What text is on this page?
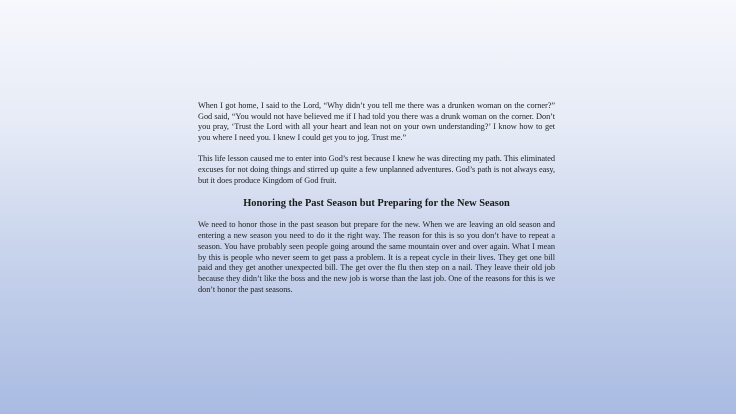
When I got home, I said to the Lord, “Why didn’t you tell me there was a drunken woman on the corner?” God said, “You would not have believed me if I had told you there was a drunk woman on the corner. Don’t you pray, ‘Trust the Lord with all your heart and lean not on your own understanding?’ I know how to get you where I need you. I knew I could get you to jog. Trust me.”

This life lesson caused me to enter into God’s rest because I knew he was directing my path. This eliminated excuses for not doing things and stirred up quite a few unplanned adventures. God’s path is not always easy, but it does produce Kingdom of God fruit.

Honoring the Past Season but Preparing for the New Season

We need to honor those in the past season but prepare for the new. When we are leaving an old season and entering a new season you need to do it the right way. The reason for this is so you don’t have to repeat a season. You have probably seen people going around the same mountain over and over again. What I mean by this is people who never seem to get pass a problem. It is a repeat cycle in their lives. They get one bill paid and they get another unexpected bill. The get over the flu then step on a nail. They leave their old job because they didn’t like the boss and the new job is worse than the last job. One of the reasons for this is we don’t honor the past seasons.
